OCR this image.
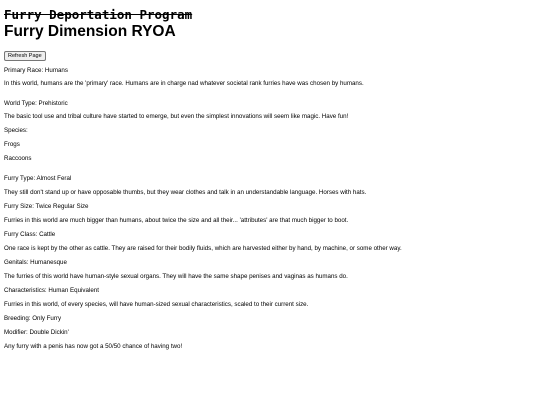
Furry Deportation Program

Furry Dimension RYOA
Refresh Page

Primary Race: Humans

In this world, humans are the 'primary' race. Humans are in charge nad whatever societal rank furries have was chosen by humans.

World Type: Prehistoric

The basic tool use and tribal culture have started to emerge, but even the simplest innovations will seem like magic. Have fun!

Species:

Frogs

Raccoons

Furry Type: Almost Feral

They still don't stand up or have opposable thumbs, but they wear clothes and talk in an understandable language. Horses with hats.

Furry Size: Twice Regular Size

Furries in this world are much bigger than humans, about twice the size and all their... 'attributes' are that much bigger to boot.

Furry Class: Cattle

One race is kept by the other as cattle. They are raised for their bodily fluids, which are harvested either by hand, by machine, or some other way.

Genitals: Humanesque

The furries of this world have human-style sexual organs. They will have the same shape penises and vaginas as humans do.

Characteristics: Human Equivalent

Furries in this world, of every species, will have human-sized sexual characteristics, scaled to their current size.

Breeding: Only Furry

Modifier: Double Dickin'

Any furry with a penis has now got a 50/50 chance of having two!
